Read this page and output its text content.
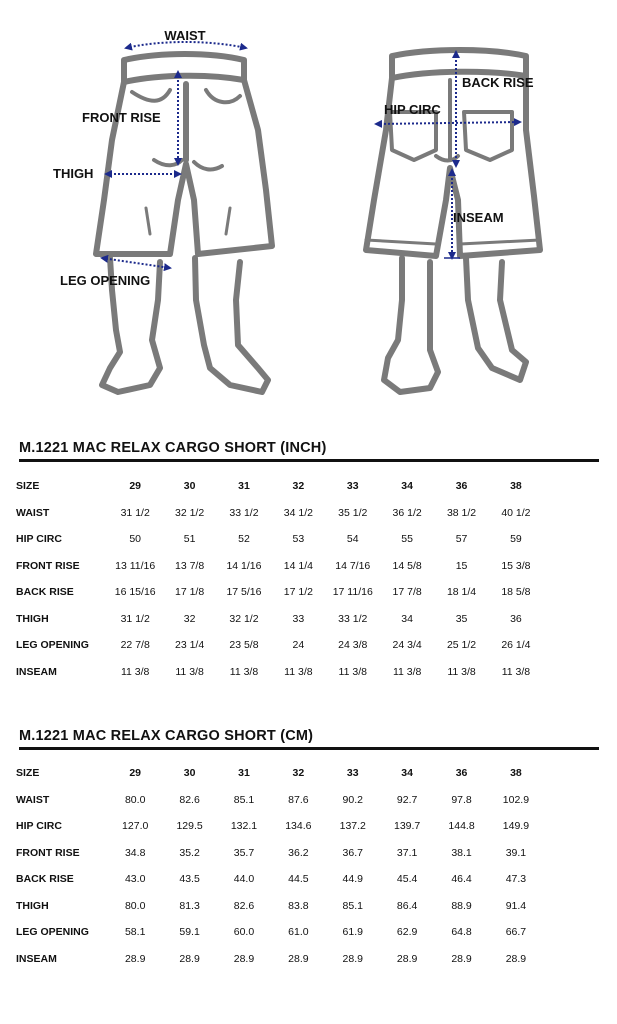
WAIST
FRONT RISE
THIGH
LEG OPENING
BACK RISE
HIP CIRC
INSEAM
M.1221 MAC RELAX CARGO SHORT (INCH)
SIZE	29	30	31	32	33	34	36	38
WAIST	31 1/2	32 1/2	33 1/2	34 1/2	35 1/2	36 1/2	38 1/2	40 1/2
HIP CIRC	50	51	52	53	54	55	57	59
FRONT RISE	13 11/16	13 7/8	14 1/16	14 1/4	14 7/16	14 5/8	15	15 3/8
BACK RISE	16 15/16	17 1/8	17 5/16	17 1/2	17 11/16	17 7/8	18 1/4	18 5/8
THIGH	31 1/2	32	32 1/2	33	33 1/2	34	35	36
LEG OPENING	22 7/8	23 1/4	23 5/8	24	24 3/8	24 3/4	25 1/2	26 1/4
INSEAM	11 3/8	11 3/8	11 3/8	11 3/8	11 3/8	11 3/8	11 3/8	11 3/8
M.1221 MAC RELAX CARGO SHORT (CM)
SIZE	29	30	31	32	33	34	36	38
WAIST	80.0	82.6	85.1	87.6	90.2	92.7	97.8	102.9
HIP CIRC	127.0	129.5	132.1	134.6	137.2	139.7	144.8	149.9
FRONT RISE	34.8	35.2	35.7	36.2	36.7	37.1	38.1	39.1
BACK RISE	43.0	43.5	44.0	44.5	44.9	45.4	46.4	47.3
THIGH	80.0	81.3	82.6	83.8	85.1	86.4	88.9	91.4
LEG OPENING	58.1	59.1	60.0	61.0	61.9	62.9	64.8	66.7
INSEAM	28.9	28.9	28.9	28.9	28.9	28.9	28.9	28.9
